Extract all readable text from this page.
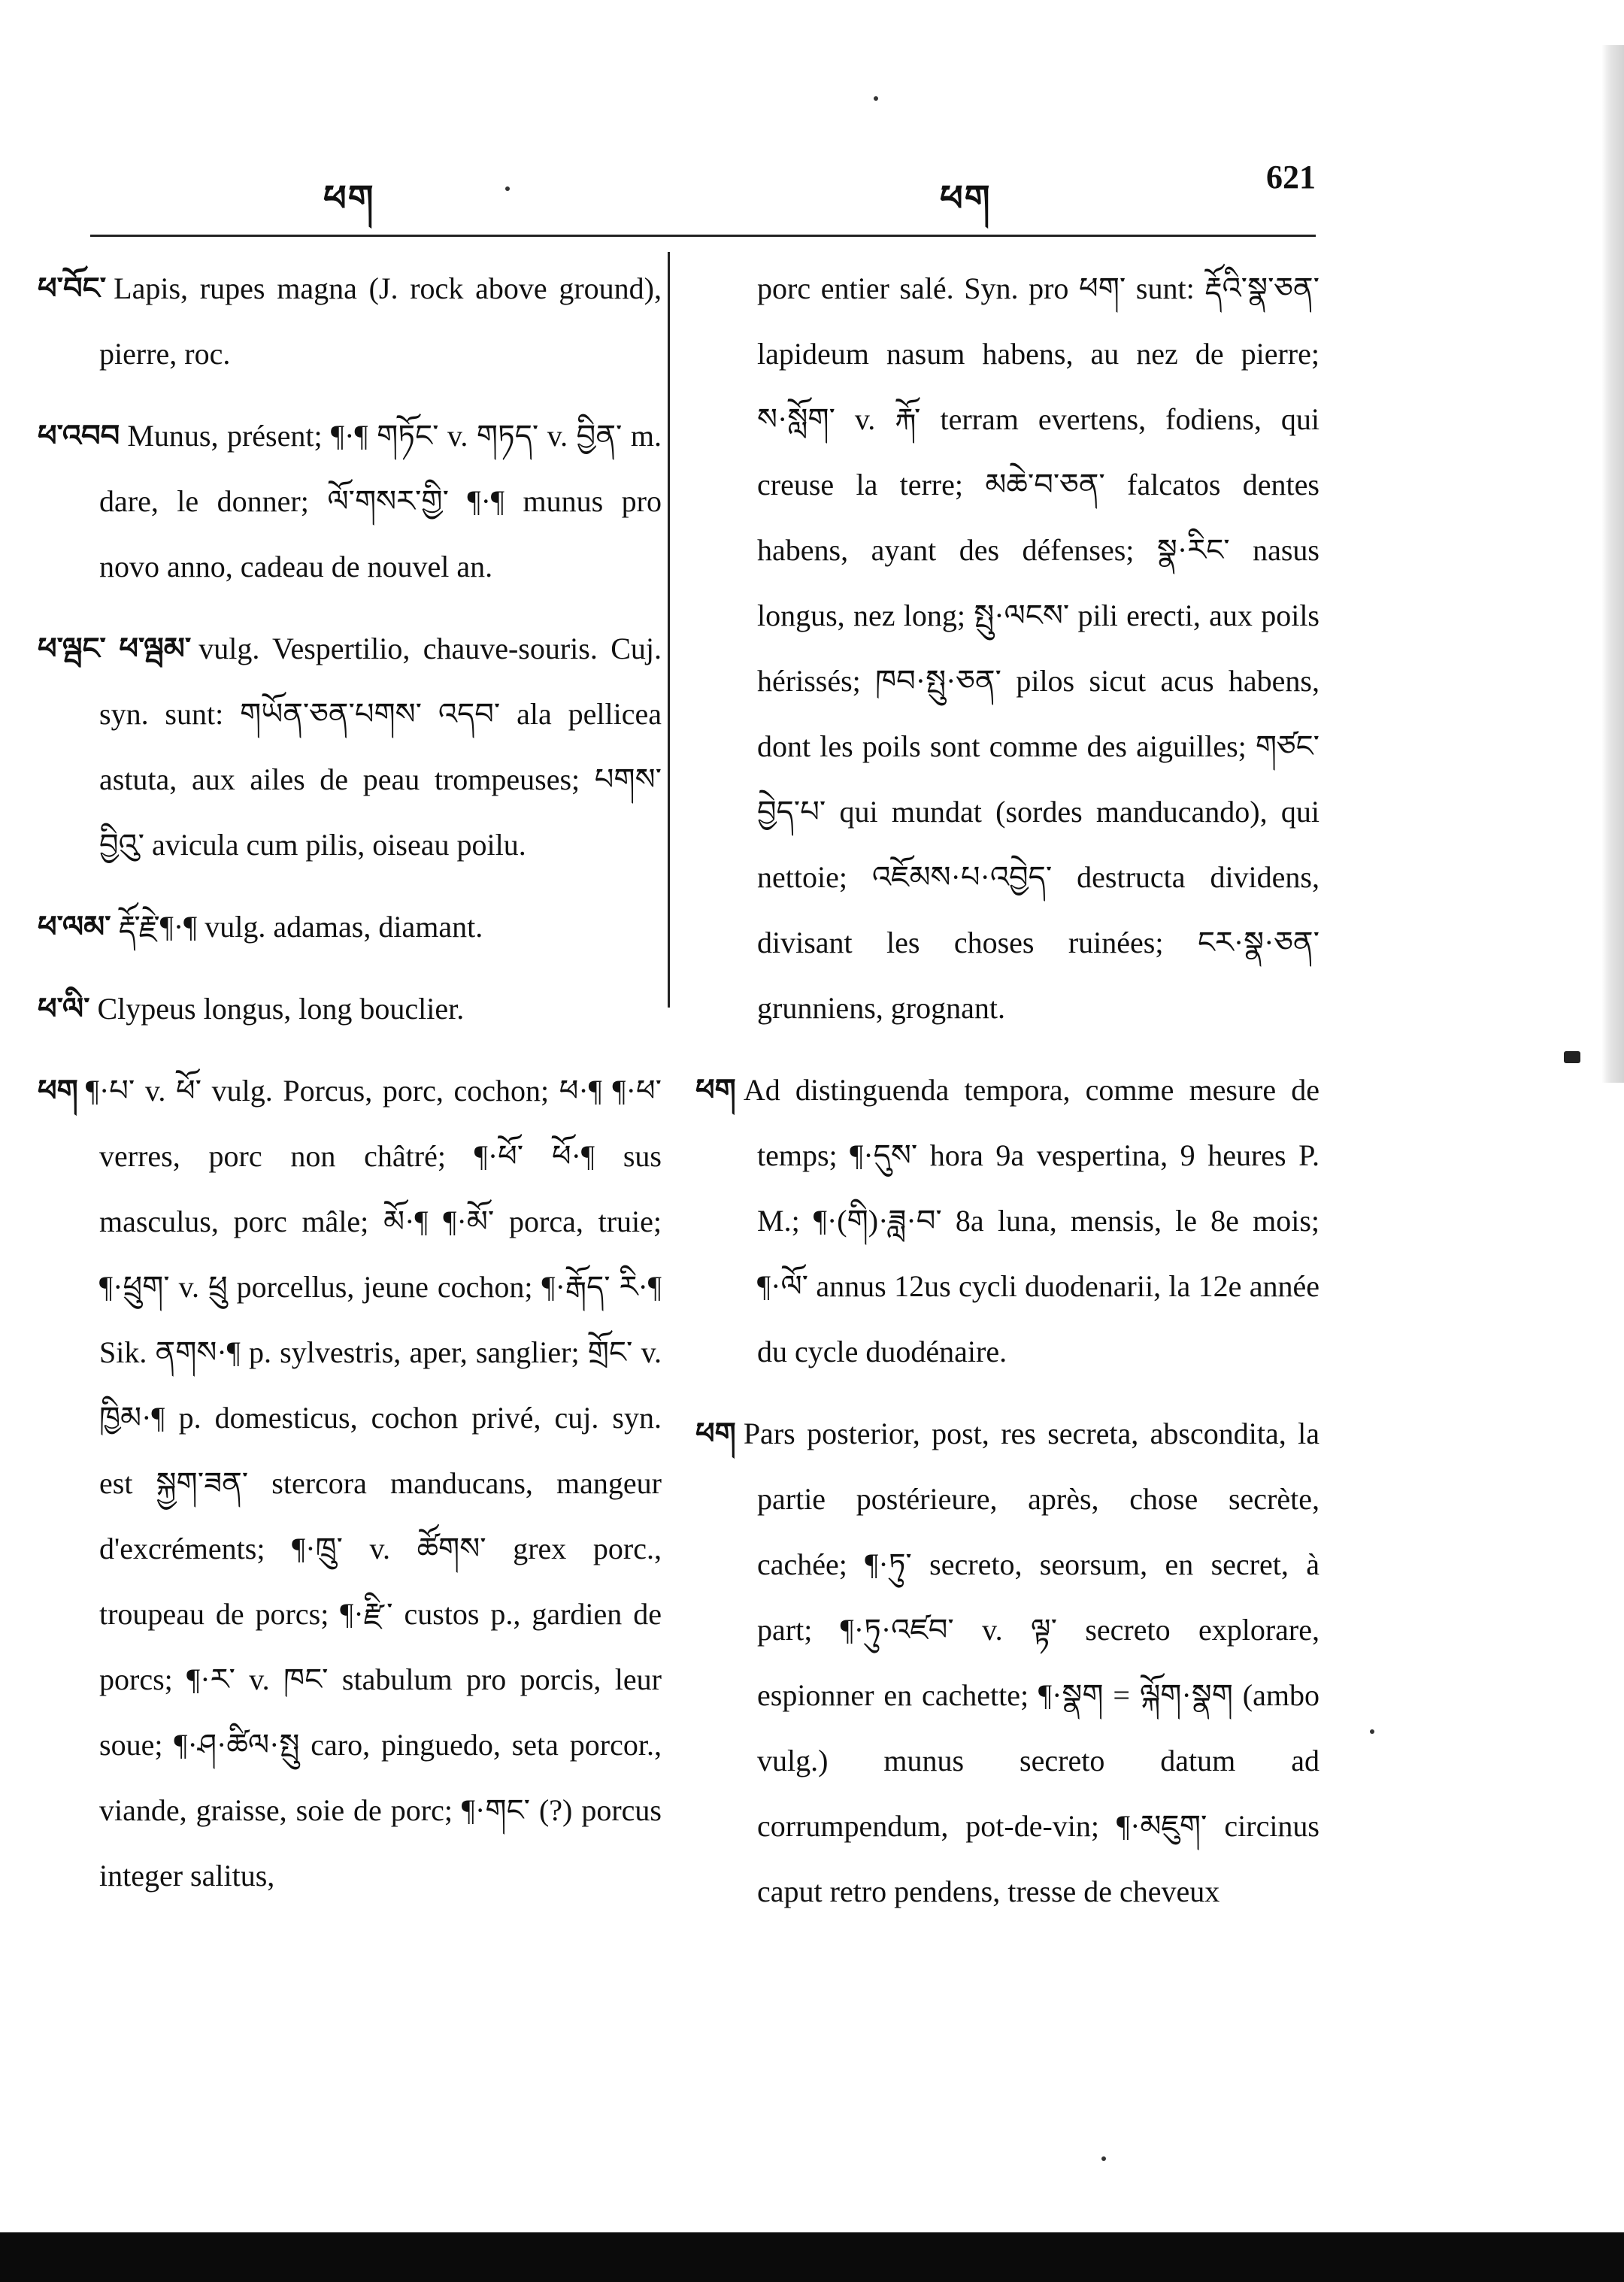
ཕག	ཕག
621

ཕ་བོང་ Lapis, rupes magna (J. rock above ground), pierre, roc.

ཕ་འབབ Munus, présent; ¶·¶ གཏོང་ v. གཏད་ v. བྱིན་ m. dare, le donner; ལོ་གསར་གྱི་ ¶·¶ munus pro novo anno, cadeau de nouvel an.

ཕ་ལྦང་ ཕ་ལྦམ་ vulg. Vespertilio, chauve-souris. Cuj. syn. sunt: གཡོན་ཅན་པགས་ འདབ་ ala pellicea astuta, aux ailes de peau trompeuses; པགས་བྱིའུ་ avicula cum pilis, oiseau poilu.

ཕ་ལམ་ རྡོ་རྗེ་¶·¶ vulg. adamas, diamant.

ཕ་ལི་ Clypeus longus, long bouclier.

ཕག ¶·པ་ v. ཕོ་ vulg. Porcus, porc, cochon; ཕ·¶ ¶·ཕ་ verres, porc non châtré; ¶·ཕོ་ ཕོ·¶ sus masculus, porc mâle; མོ·¶ ¶·མོ་ porca, truie; ¶·ཕྲུག་ v. ཕྲུ porcellus, jeune cochon; ¶·རྒོད་ རི·¶ Sik. ནགས·¶ p. sylvestris, aper, sanglier; གྲོང་ v. ཁྱིམ·¶ p. domesticus, cochon privé, cuj. syn. est སྐྱག་ཟན་ stercora manducans, mangeur d'excréments; ¶·ཁྲུ་ v. ཚོགས་ grex porc., troupeau de porcs; ¶·རྫི་ custos p., gardien de porcs; ¶·ར་ v. ཁང་ stabulum pro porcis, leur soue; ¶·ཤ·ཚིལ·སྤུ caro, pinguedo, seta porcor., viande, graisse, soie de porc; ¶·གང་ (?) porcus integer salitus,

porc entier salé. Syn. pro ཕག་ sunt: རྡོའི་སྣ་ཅན་ lapideum nasum habens, au nez de pierre; ས·སློག་ v. རྐོ་ terram evertens, fodiens, qui creuse la terre; མཆེ་བ་ཅན་ falcatos dentes habens, ayant des défenses; སྣ·རིང་ nasus longus, nez long; སྤུ·ལངས་ pili erecti, aux poils hérissés; ཁབ·སྤུ·ཅན་ pilos sicut acus habens, dont les poils sont comme des aiguilles; གཙང་བྱེད་པ་ qui mundat (sordes manducando), qui nettoie; འཇོམས·པ·འབྱེད་ destructa dividens, divisant les choses ruinées; ངར·སྣ·ཅན་ grunniens, grognant.

ཕག Ad distinguenda tempora, comme mesure de temps; ¶·དུས་ hora 9a vespertina, 9 heures P. M.; ¶·(གི)·ཟླ·བ་ 8a luna, mensis, le 8e mois; ¶·ལོ་ annus 12us cycli duodenarii, la 12e année du cycle duodénaire.

ཕག Pars posterior, post, res secreta, abscondita, la partie postérieure, après, chose secrète, cachée; ¶·ཏུ་ secreto, seorsum, en secret, à part; ¶·ཏུ·འཛབ་ v. ལྟ་ secreto explorare, espionner en cachette; ¶·སྣག = ལྐོག·སྣག (ambo vulg.) munus secreto datum ad corrumpendum, pot-de-vin; ¶·མཇུག་ circinus caput retro pendens, tresse de cheveux
